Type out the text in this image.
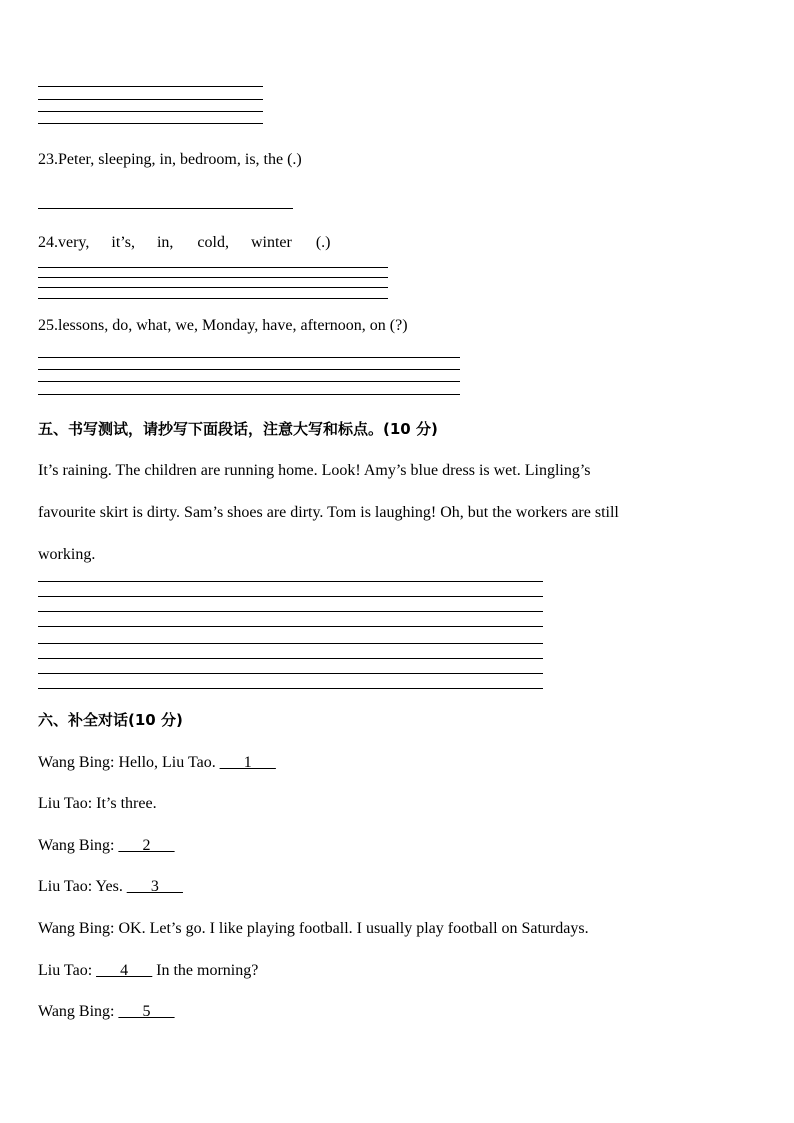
23.Peter, sleeping, in, bedroom, is, the (.)
24.very, it’s, in, cold, winter (.)
25.lessons, do, what, we, Monday, have, afternoon, on (?)
五、书写测试，请抄写下面段话，注意大写和标点。(10 分)
It’s raining. The children are running home. Look! Amy’s blue dress is wet. Lingling’s
favourite skirt is dirty. Sam’s shoes are dirty. Tom is laughing! Oh, but the workers are still
working.
六、补全对话(10 分)
Wang Bing: Hello, Liu Tao. ___1___
Liu Tao: It’s three.
Wang Bing: ___2___
Liu Tao: Yes. ___3___
Wang Bing: OK. Let’s go. I like playing football. I usually play football on Saturdays.
Liu Tao: ___4___ In the morning?
Wang Bing: ___5___
